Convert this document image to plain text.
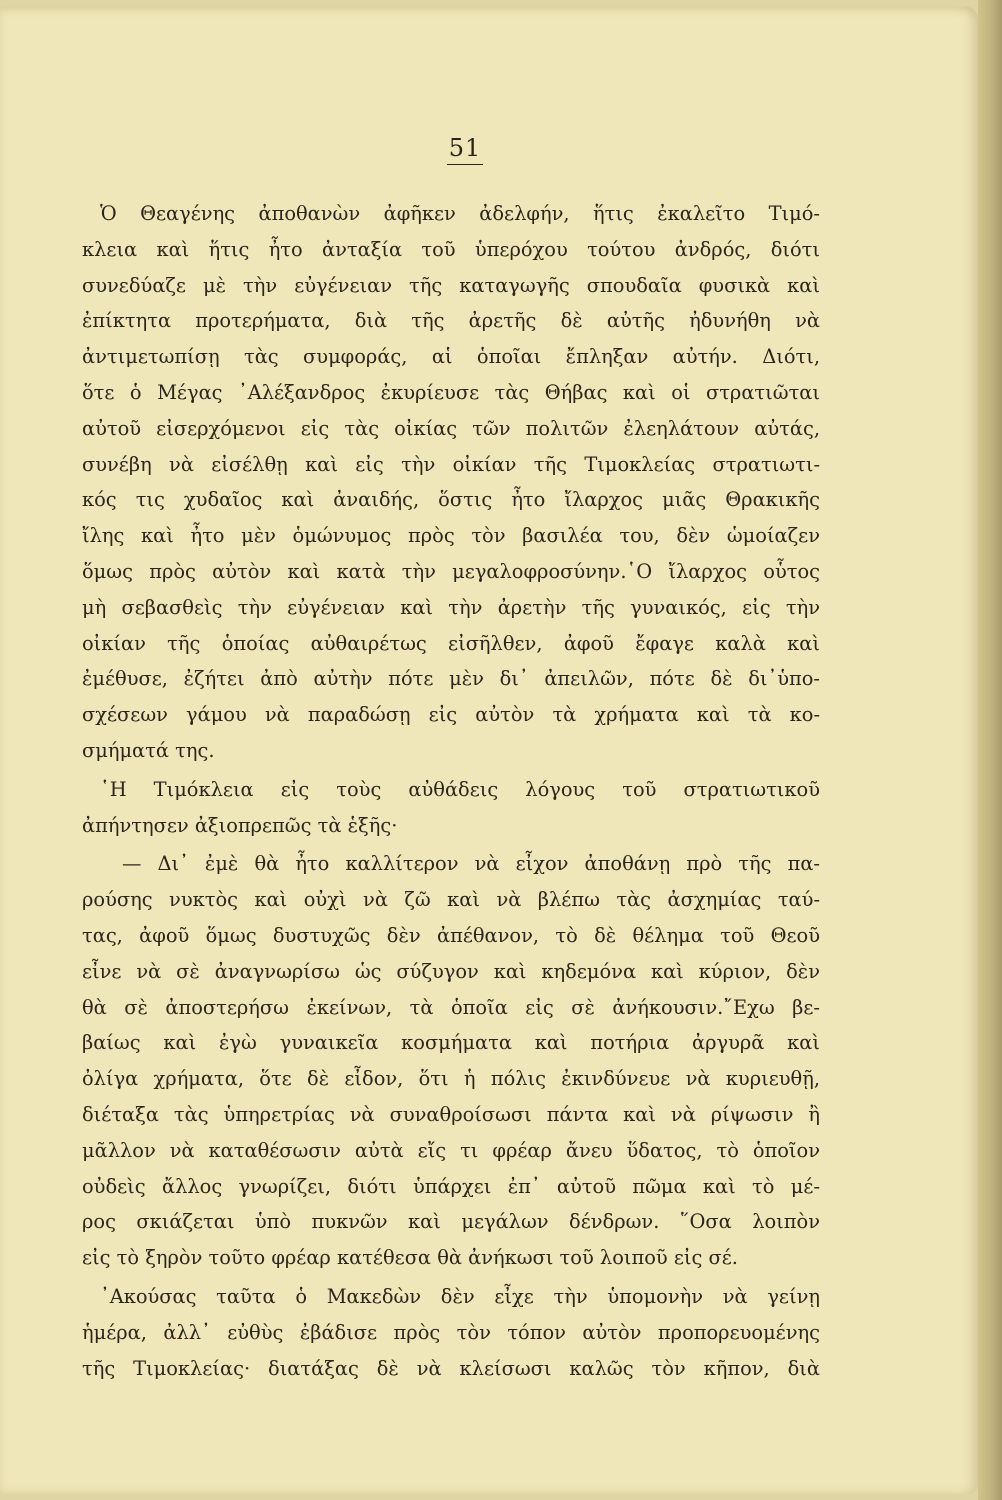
51

Ὁ Θεαγένης ἀποθανὼν ἀφῆκεν ἀδελφήν, ἥτις ἐκαλεῖτο Τιμό-
κλεια καὶ ἥτις ἦτο ἀνταξία τοῦ ὑπερόχου τούτου ἀνδρός, διότι
συνεδύαζε μὲ τὴν εὐγένειαν τῆς καταγωγῆς σπουδαῖα φυσικὰ καὶ
ἐπίκτητα προτερήματα, διὰ τῆς ἀρετῆς δὲ αὐτῆς ἠδυνήθη νὰ
ἀντιμετωπίσῃ τὰς συμφοράς, αἱ ὁποῖαι ἔπληξαν αὐτήν. Διότι,
ὅτε ὁ Μέγας ᾿Αλέξανδρος ἐκυρίευσε τὰς Θήβας καὶ οἱ στρατιῶται
αὐτοῦ εἰσερχόμενοι εἰς τὰς οἰκίας τῶν πολιτῶν ἐλεηλάτουν αὐτάς,
συνέβη νὰ εἰσέλθῃ καὶ εἰς τὴν οἰκίαν τῆς Τιμοκλείας στρατιωτι-
κός τις χυδαῖος καὶ ἀναιδής, ὅστις ἦτο ἴλαρχος μιᾶς Θρακικῆς
ἴλης καὶ ἦτο μὲν ὁμώνυμος πρὸς τὸν βασιλέα του, δὲν ὡμοίαζεν
ὅμως πρὸς αὐτὸν καὶ κατὰ τὴν μεγαλοφροσύνην.῾Ο ἴλαρχος οὗτος
μὴ σεβασθεὶς τὴν εὐγένειαν καὶ τὴν ἀρετὴν τῆς γυναικός, εἰς τὴν
οἰκίαν τῆς ὁποίας αὐθαιρέτως εἰσῆλθεν, ἀφοῦ ἔφαγε καλὰ καὶ
ἐμέθυσε, ἐζήτει ἀπὸ αὐτὴν πότε μὲν δι᾿ ἀπειλῶν, πότε δὲ δι᾿ὑπο-
σχέσεων γάμου νὰ παραδώσῃ εἰς αὐτὸν τὰ χρήματα καὶ τὰ κο-
σμήματά της.

῾Η Τιμόκλεια εἰς τοὺς αὐθάδεις λόγους τοῦ στρατιωτικοῦ
ἀπήντησεν ἀξιοπρεπῶς τὰ ἑξῆς·

— Δι᾿ ἐμὲ θὰ ἦτο καλλίτερον νὰ εἶχον ἀποθάνῃ πρὸ τῆς πα-
ρούσης νυκτὸς καὶ οὐχὶ νὰ ζῶ καὶ νὰ βλέπω τὰς ἀσχημίας ταύ-
τας, ἀφοῦ ὅμως δυστυχῶς δὲν ἀπέθανον, τὸ δὲ θέλημα τοῦ Θεοῦ
εἶνε νὰ σὲ ἀναγνωρίσω ὡς σύζυγον καὶ κηδεμόνα καὶ κύριον, δὲν
θὰ σὲ ἀποστερήσω ἐκείνων, τὰ ὁποῖα εἰς σὲ ἀνήκουσιν.῎Εχω βε-
βαίως καὶ ἐγὼ γυναικεῖα κοσμήματα καὶ ποτήρια ἀργυρᾶ καὶ
ὀλίγα χρήματα, ὅτε δὲ εἶδον, ὅτι ἡ πόλις ἐκινδύνευε νὰ κυριευθῇ,
διέταξα τὰς ὑπηρετρίας νὰ συναθροίσωσι πάντα καὶ νὰ ρίψωσιν ἢ
μᾶλλον νὰ καταθέσωσιν αὐτὰ εἴς τι φρέαρ ἄνευ ὕδατος, τὸ ὁποῖον
οὐδεὶς ἄλλος γνωρίζει, διότι ὑπάρχει ἐπ᾿ αὐτοῦ πῶμα καὶ τὸ μέ-
ρος σκιάζεται ὑπὸ πυκνῶν καὶ μεγάλων δένδρων. ῞Οσα λοιπὸν
εἰς τὸ ξηρὸν τοῦτο φρέαρ κατέθεσα θὰ ἀνήκωσι τοῦ λοιποῦ εἰς σέ.

᾿Ακούσας ταῦτα ὁ Μακεδὼν δὲν εἶχε τὴν ὑπομονὴν νὰ γείνῃ
ἡμέρα, ἀλλ᾿ εὐθὺς ἐβάδισε πρὸς τὸν τόπον αὐτὸν προπορευομένης
τῆς Τιμοκλείας· διατάξας δὲ νὰ κλείσωσι καλῶς τὸν κῆπον, διὰ
